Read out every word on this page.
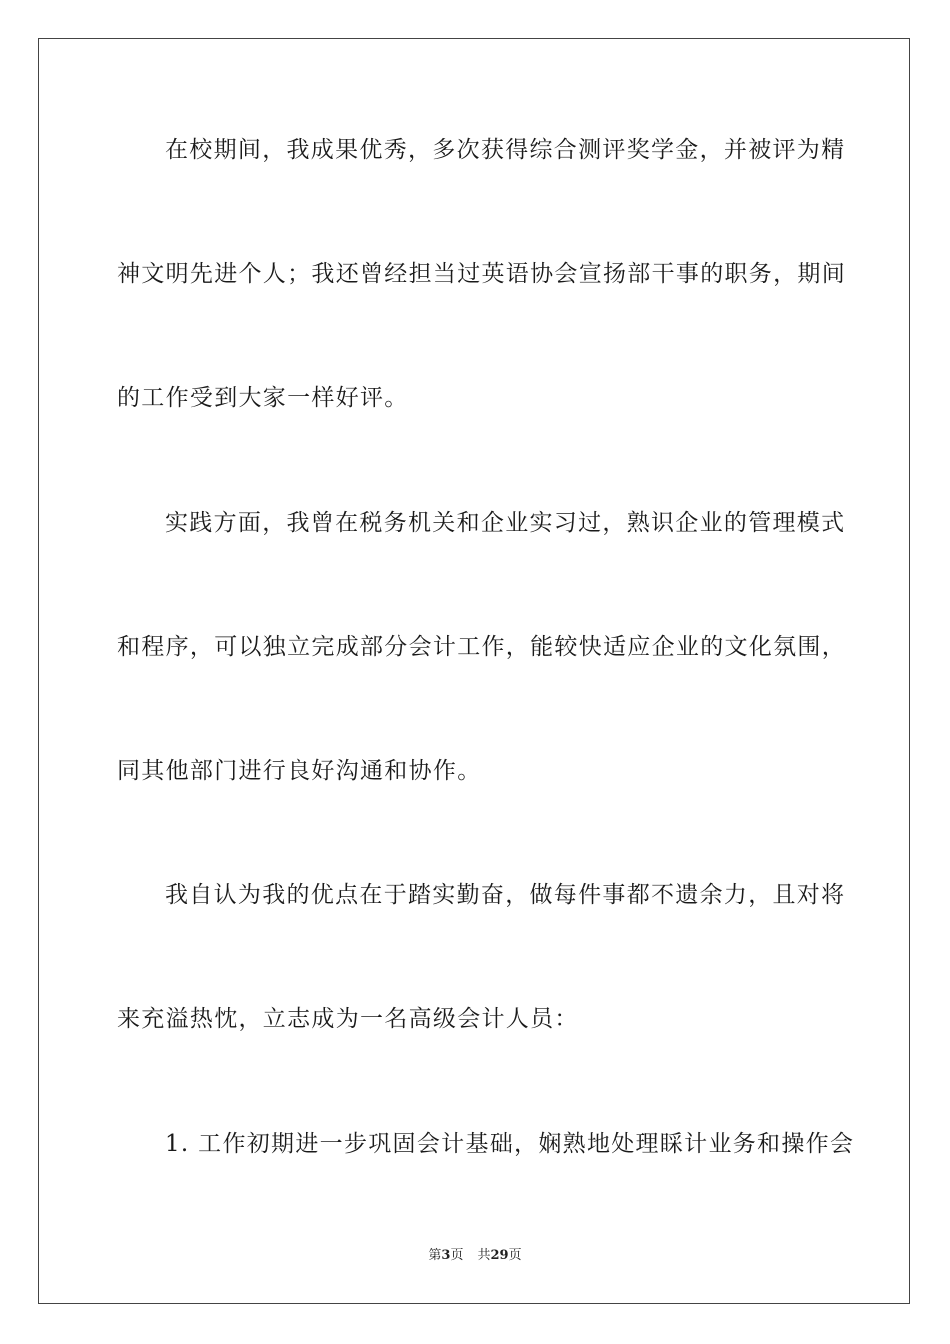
在校期间，我成果优秀，多次获得综合测评奖学金，并被评为精
神文明先进个人；我还曾经担当过英语协会宣扬部干事的职务，期间
的工作受到大家一样好评。
实践方面，我曾在税务机关和企业实习过，熟识企业的管理模式
和程序，可以独立完成部分会计工作，能较快适应企业的文化氛围，
同其他部门进行良好沟通和协作。
我自认为我的优点在于踏实勤奋，做每件事都不遗余力，且对将
来充溢热忱，立志成为一名高级会计人员：
1. 工作初期进一步巩固会计基础，娴熟地处理睬计业务和操作会
第3页 共29页
